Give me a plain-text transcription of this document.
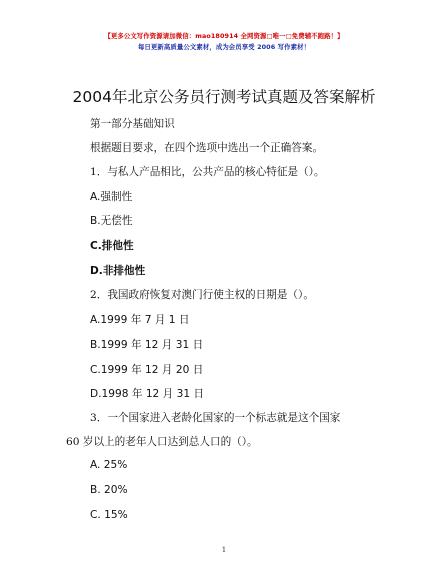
【更多公文写作资源请加微信：mao180914 全网资源□唯一□免费辅不跑路！】
每日更新高质量公文素材，成为会员享受 2006 写作素材！
2004年北京公务员行测考试真题及答案解析
第一部分基础知识
根据题目要求，在四个选项中选出一个正确答案。
1．与私人产品相比，公共产品的核心特征是（）。
A.强制性
B.无偿性
C.排他性
D.非排他性
2．我国政府恢复对澳门行使主权的日期是（）。
A.1999 年 7 月 1 日
B.1999 年 12 月 31 日
C.1999 年 12 月 20 日
D.1998 年 12 月 31 日
3．一个国家进入老龄化国家的一个标志就是这个国家
60 岁以上的老年人口达到总人口的（）。
A. 25%
B. 20%
C. 15%
1
